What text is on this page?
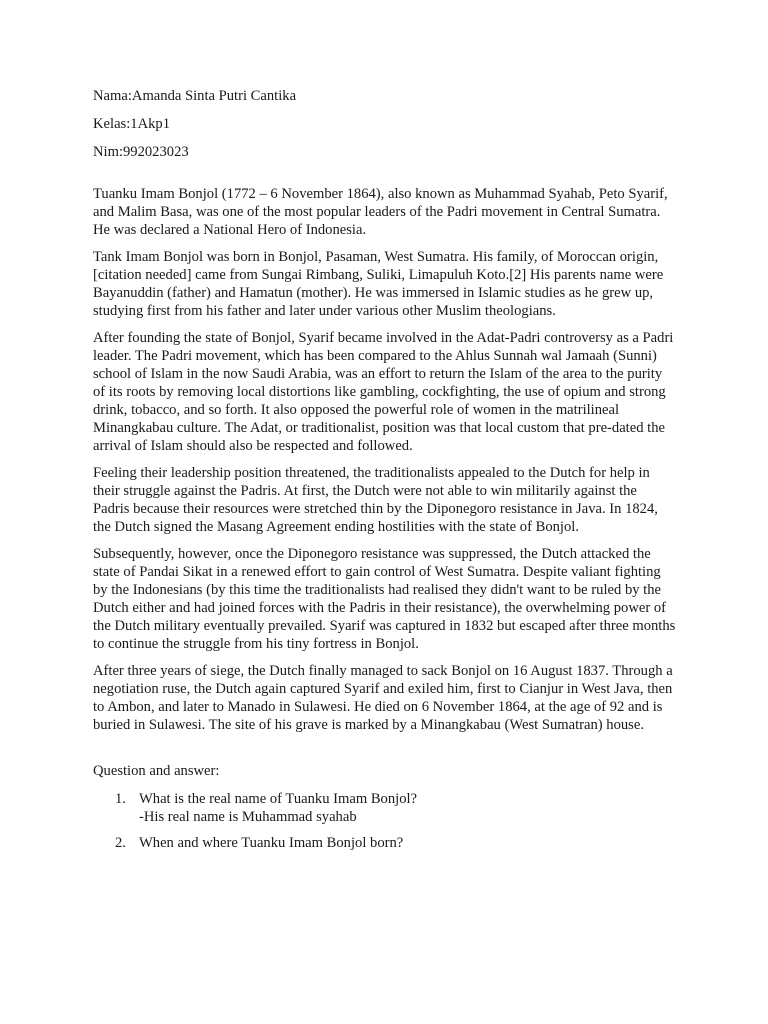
Nama:Amanda Sinta Putri Cantika
Kelas:1Akp1
Nim:992023023

Tuanku Imam Bonjol (1772 – 6 November 1864), also known as Muhammad Syahab, Peto Syarif, and Malim Basa, was one of the most popular leaders of the Padri movement in Central Sumatra. He was declared a National Hero of Indonesia.

Tank Imam Bonjol was born in Bonjol, Pasaman, West Sumatra. His family, of Moroccan origin,[citation needed] came from Sungai Rimbang, Suliki, Limapuluh Koto.[2] His parents name were Bayanuddin (father) and Hamatun (mother). He was immersed in Islamic studies as he grew up, studying first from his father and later under various other Muslim theologians.

After founding the state of Bonjol, Syarif became involved in the Adat-Padri controversy as a Padri leader. The Padri movement, which has been compared to the Ahlus Sunnah wal Jamaah (Sunni) school of Islam in the now Saudi Arabia, was an effort to return the Islam of the area to the purity of its roots by removing local distortions like gambling, cockfighting, the use of opium and strong drink, tobacco, and so forth. It also opposed the powerful role of women in the matrilineal Minangkabau culture. The Adat, or traditionalist, position was that local custom that pre-dated the arrival of Islam should also be respected and followed.

Feeling their leadership position threatened, the traditionalists appealed to the Dutch for help in their struggle against the Padris. At first, the Dutch were not able to win militarily against the Padris because their resources were stretched thin by the Diponegoro resistance in Java. In 1824, the Dutch signed the Masang Agreement ending hostilities with the state of Bonjol.

Subsequently, however, once the Diponegoro resistance was suppressed, the Dutch attacked the state of Pandai Sikat in a renewed effort to gain control of West Sumatra. Despite valiant fighting by the Indonesians (by this time the traditionalists had realised they didn't want to be ruled by the Dutch either and had joined forces with the Padris in their resistance), the overwhelming power of the Dutch military eventually prevailed. Syarif was captured in 1832 but escaped after three months to continue the struggle from his tiny fortress in Bonjol.

After three years of siege, the Dutch finally managed to sack Bonjol on 16 August 1837. Through a negotiation ruse, the Dutch again captured Syarif and exiled him, first to Cianjur in West Java, then to Ambon, and later to Manado in Sulawesi. He died on 6 November 1864, at the age of 92 and is buried in Sulawesi. The site of his grave is marked by a Minangkabau (West Sumatran) house.

Question and answer:
1. What is the real name of Tuanku Imam Bonjol?
-His real name is Muhammad syahab
2. When and where Tuanku Imam Bonjol born?
